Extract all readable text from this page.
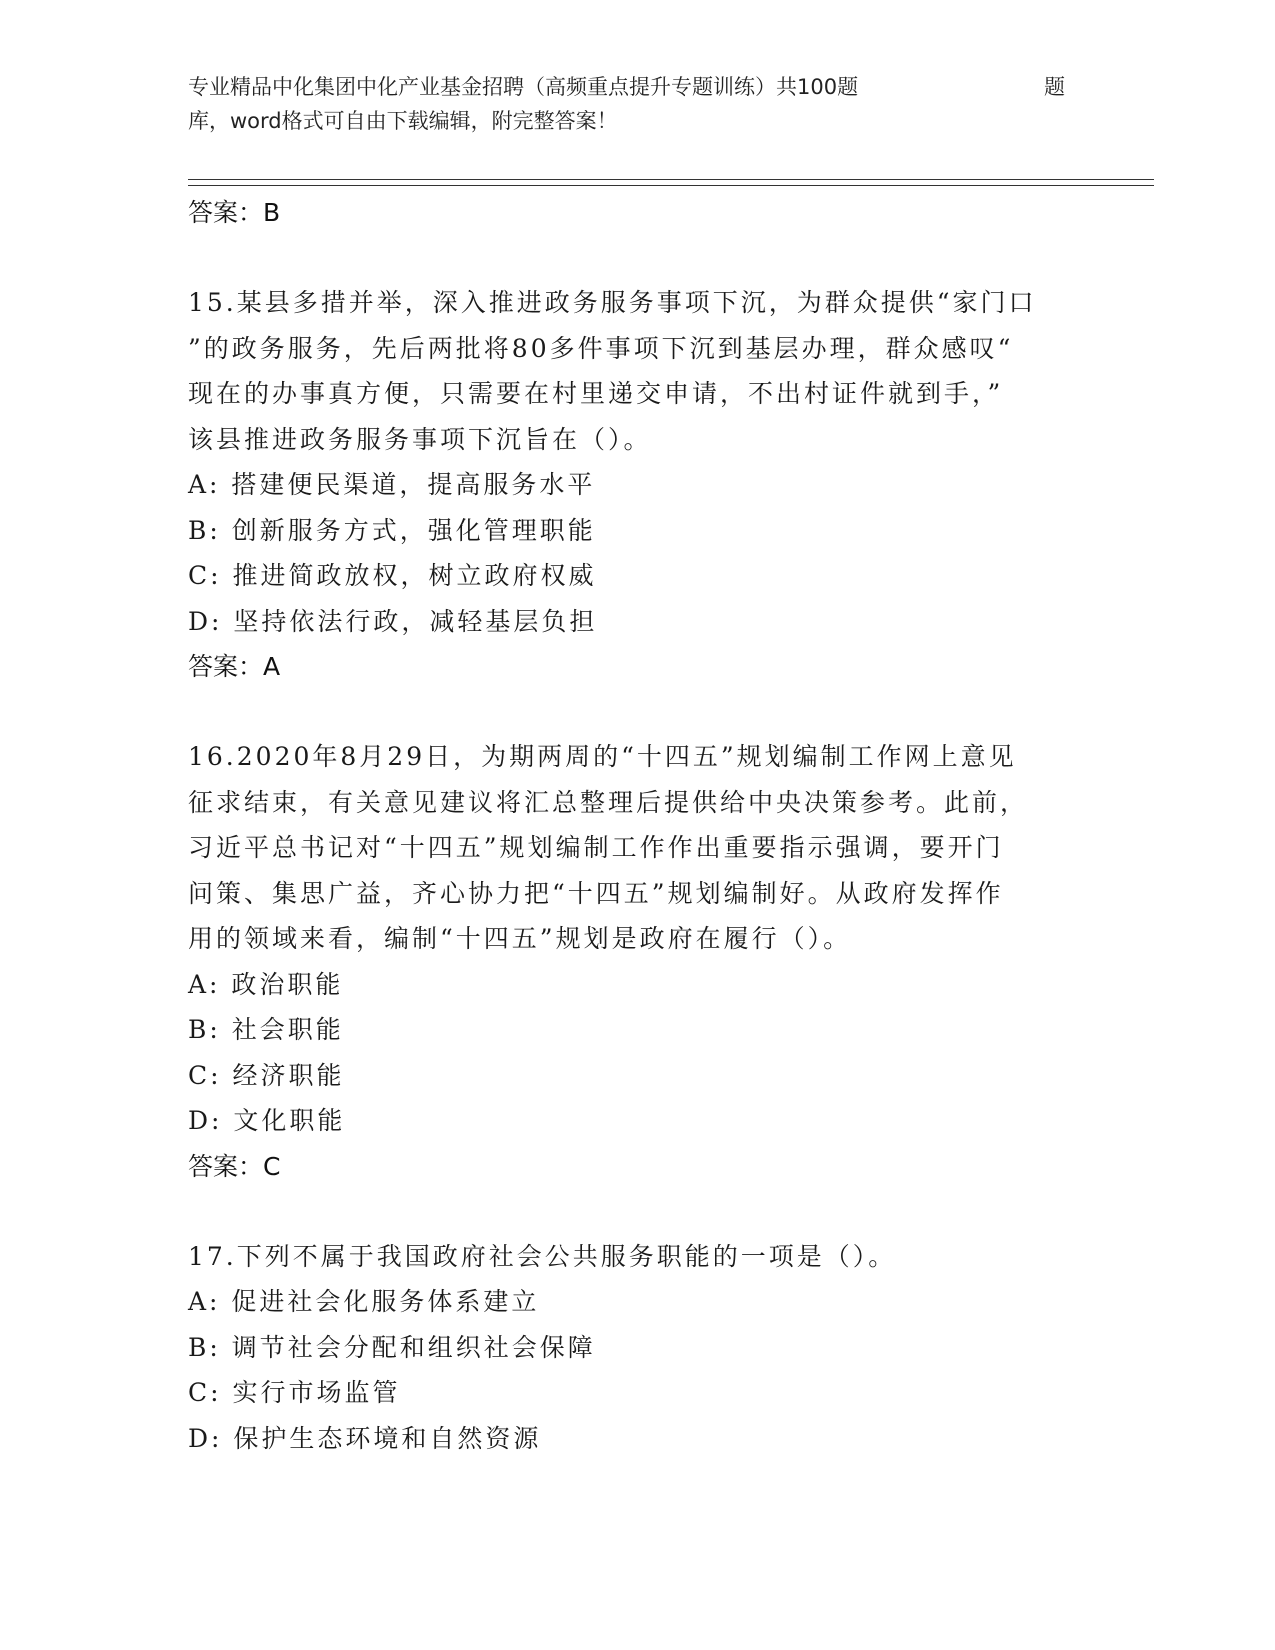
专业精品中化集团中化产业基金招聘（高频重点提升专题训练）共100题	题
库，word格式可自由下载编辑，附完整答案！
答案：B

15.某县多措并举，深入推进政务服务事项下沉，为群众提供“家门口
”的政务服务，先后两批将80多件事项下沉到基层办理，群众感叹“
现在的办事真方便，只需要在村里递交申请，不出村证件就到手，”
该县推进政务服务事项下沉旨在（）。

A: 搭建便民渠道，提高服务水平
B: 创新服务方式，强化管理职能
C: 推进简政放权，树立政府权威
D: 坚持依法行政，减轻基层负担
答案：A

16.2020年8月29日，为期两周的“十四五”规划编制工作网上意见
征求结束，有关意见建议将汇总整理后提供给中央决策参考。此前，
习近平总书记对“十四五”规划编制工作作出重要指示强调，要开门
问策、集思广益，齐心协力把“十四五”规划编制好。从政府发挥作
用的领域来看，编制“十四五”规划是政府在履行（）。

A: 政治职能
B: 社会职能
C: 经济职能
D: 文化职能
答案：C

17.下列不属于我国政府社会公共服务职能的一项是（）。

A: 促进社会化服务体系建立
B: 调节社会分配和组织社会保障
C: 实行市场监管
D: 保护生态环境和自然资源
